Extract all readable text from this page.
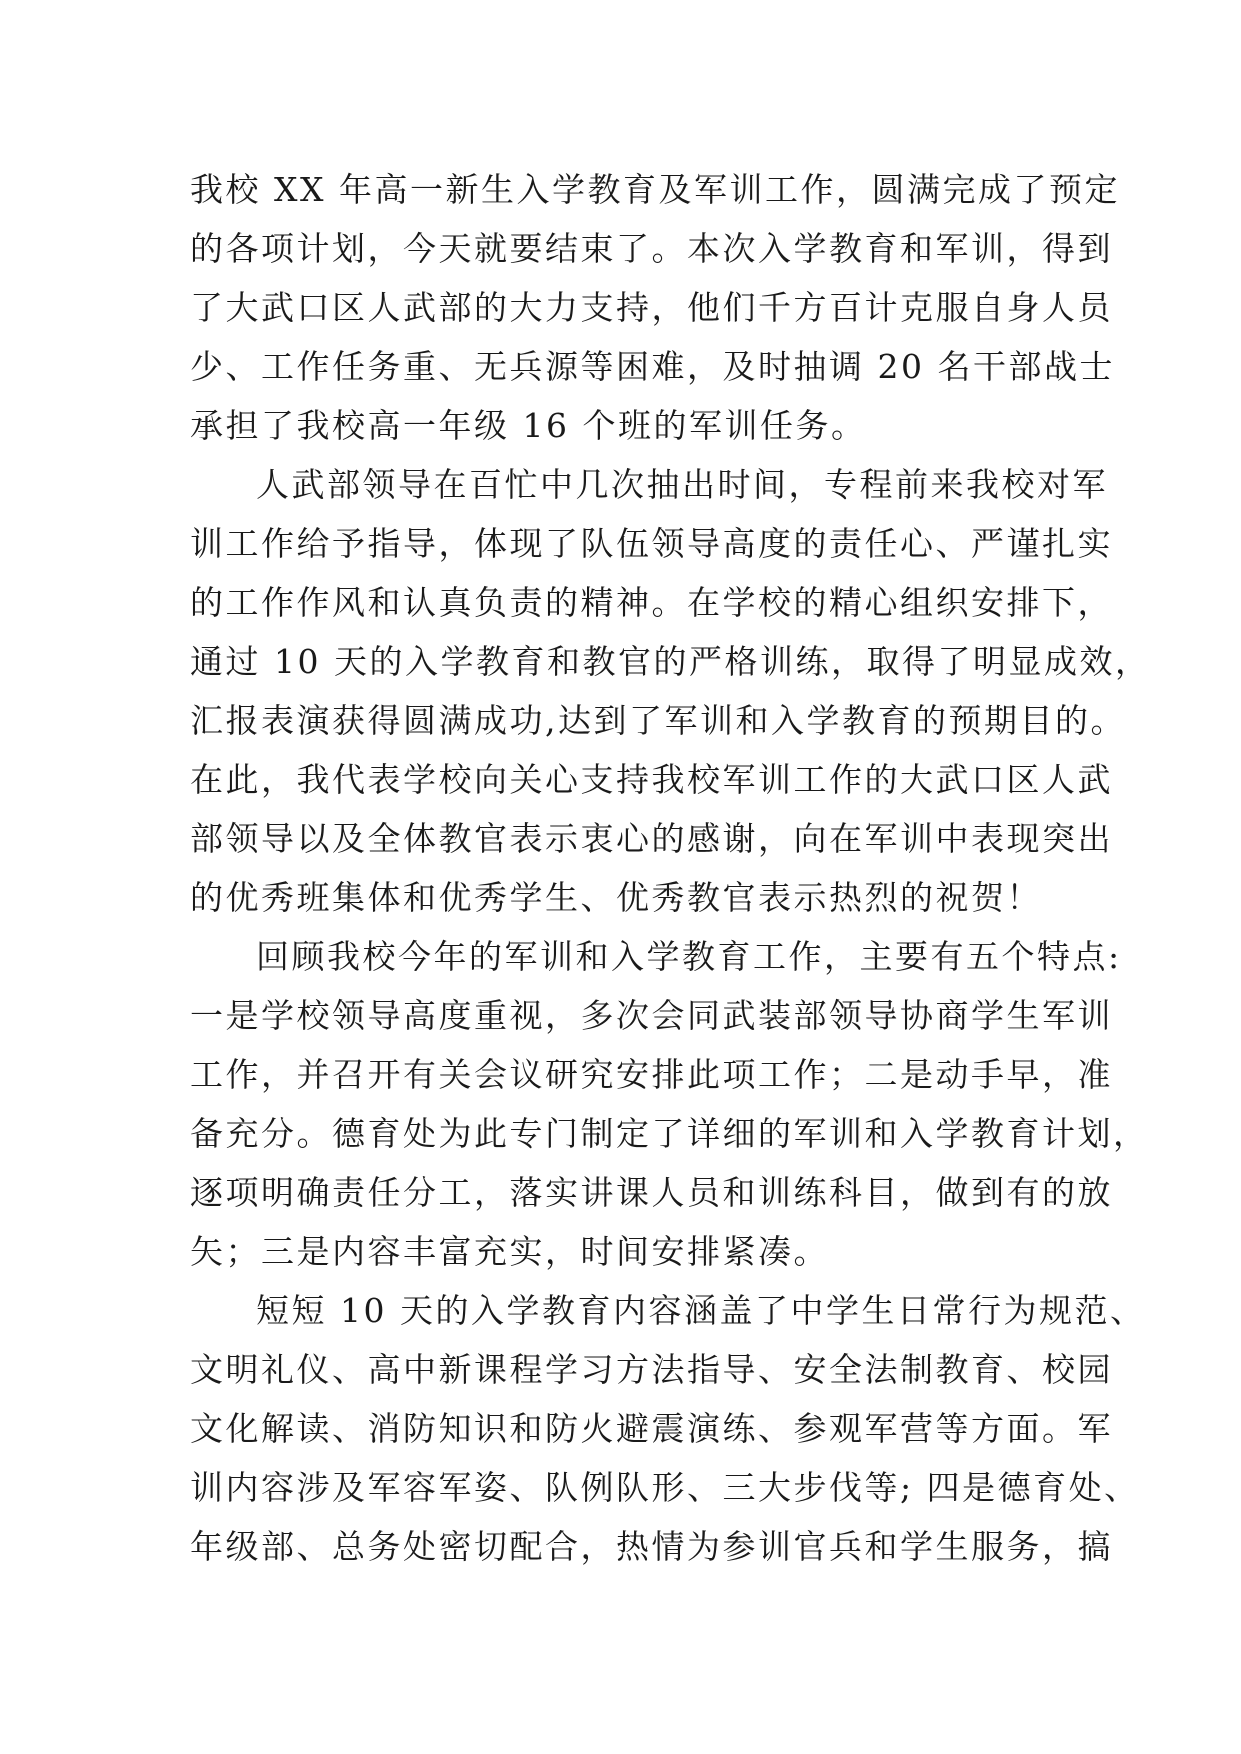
我校 XX 年高一新生入学教育及军训工作，圆满完成了预定
的各项计划，今天就要结束了。本次入学教育和军训，得到
了大武口区人武部的大力支持，他们千方百计克服自身人员
少、工作任务重、无兵源等困难，及时抽调 20 名干部战士
承担了我校高一年级 16 个班的军训任务。
人武部领导在百忙中几次抽出时间，专程前来我校对军
训工作给予指导，体现了队伍领导高度的责任心、严谨扎实
的工作作风和认真负责的精神。在学校的精心组织安排下，
通过 10 天的入学教育和教官的严格训练，取得了明显成效，
汇报表演获得圆满成功,达到了军训和入学教育的预期目的。
在此，我代表学校向关心支持我校军训工作的大武口区人武
部领导以及全体教官表示衷心的感谢，向在军训中表现突出
的优秀班集体和优秀学生、优秀教官表示热烈的祝贺！
回顾我校今年的军训和入学教育工作，主要有五个特点:
一是学校领导高度重视，多次会同武装部领导协商学生军训
工作，并召开有关会议研究安排此项工作；二是动手早，准
备充分。德育处为此专门制定了详细的军训和入学教育计划，
逐项明确责任分工，落实讲课人员和训练科目，做到有的放
矢；三是内容丰富充实，时间安排紧凑。
短短 10 天的入学教育内容涵盖了中学生日常行为规范、
文明礼仪、高中新课程学习方法指导、安全法制教育、校园
文化解读、消防知识和防火避震演练、参观军营等方面。军
训内容涉及军容军姿、队例队形、三大步伐等; 四是德育处、
年级部、总务处密切配合，热情为参训官兵和学生服务，搞
